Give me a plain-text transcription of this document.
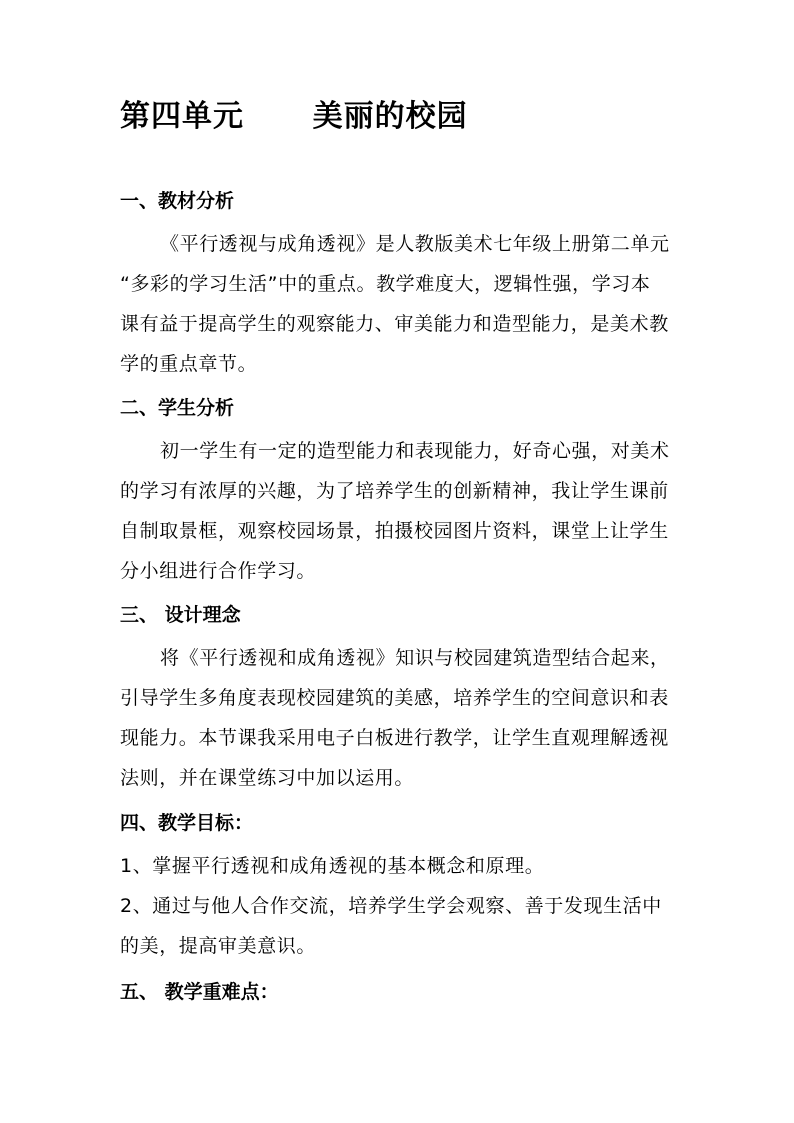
第四单元      美丽的校园
一、教材分析
《平行透视与成角透视》是人教版美术七年级上册第二单元
“多彩的学习生活”中的重点。教学难度大，逻辑性强，学习本
课有益于提高学生的观察能力、审美能力和造型能力，是美术教
学的重点章节。
二、学生分析
初一学生有一定的造型能力和表现能力，好奇心强，对美术
的学习有浓厚的兴趣，为了培养学生的创新精神，我让学生课前
自制取景框，观察校园场景，拍摄校园图片资料，课堂上让学生
分小组进行合作学习。
三、 设计理念
将《平行透视和成角透视》知识与校园建筑造型结合起来，
引导学生多角度表现校园建筑的美感，培养学生的空间意识和表
现能力。本节课我采用电子白板进行教学，让学生直观理解透视
法则，并在课堂练习中加以运用。
四、教学目标：
1、掌握平行透视和成角透视的基本概念和原理。
2、通过与他人合作交流，培养学生学会观察、善于发现生活中
的美，提高审美意识。
五、 教学重难点：
